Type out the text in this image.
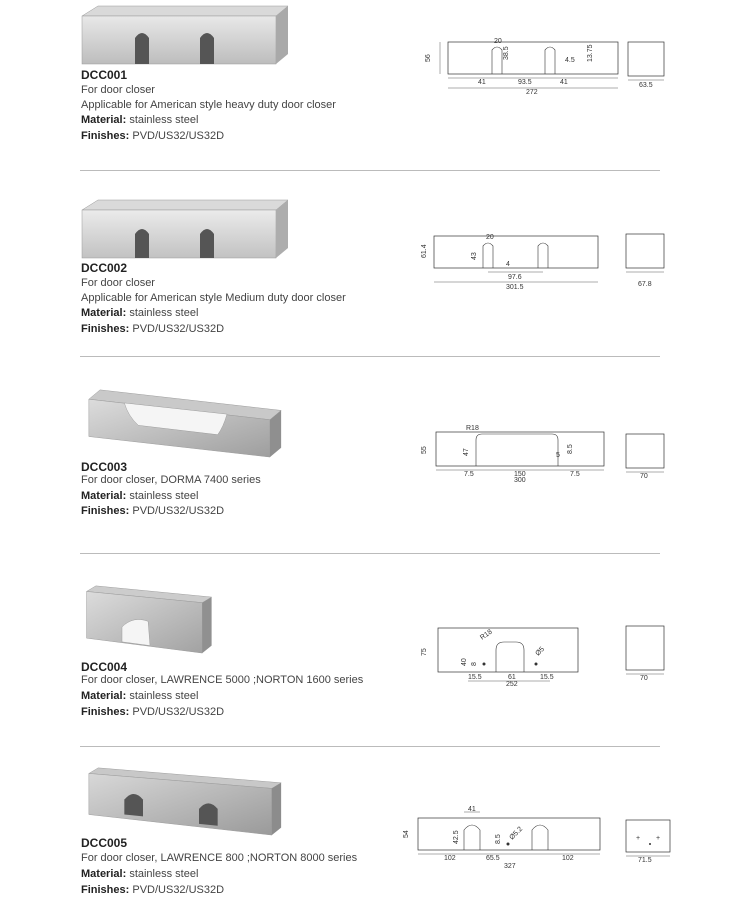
DCC001
For door closer
Applicable for American style heavy duty door closer
Material: stainless steel
Finishes: PVD/US32/US32D
56
20
38.5
4.5 13.75
41	93.5	41
272
63.5
DCC002
For door closer
Applicable for American style Medium duty door closer
Material: stainless steel
Finishes: PVD/US32/US32D
61.4
20
43
4
97.6
301.5	67.8
DCC003
For door closer, DORMA 7400 series
Material: stainless steel
Finishes: PVD/US32/US32D
R18
55	47	5
8.5
7.5	150	7.5
300
70
DCC004
For door closer, LAWRENCE 5000 ;NORTON 1600 series
Material: stainless steel
Finishes: PVD/US32/US32D
75
R18
40 8
Ø5
15.5	61	15.5
252
70
DCC005
For door closer, LAWRENCE 800 ;NORTON 8000 series
Material: stainless steel
Finishes: PVD/US32/US32D
41
54	42.5	8.5 Ø5.2
102	65.5	102
327
+ +
71.5
